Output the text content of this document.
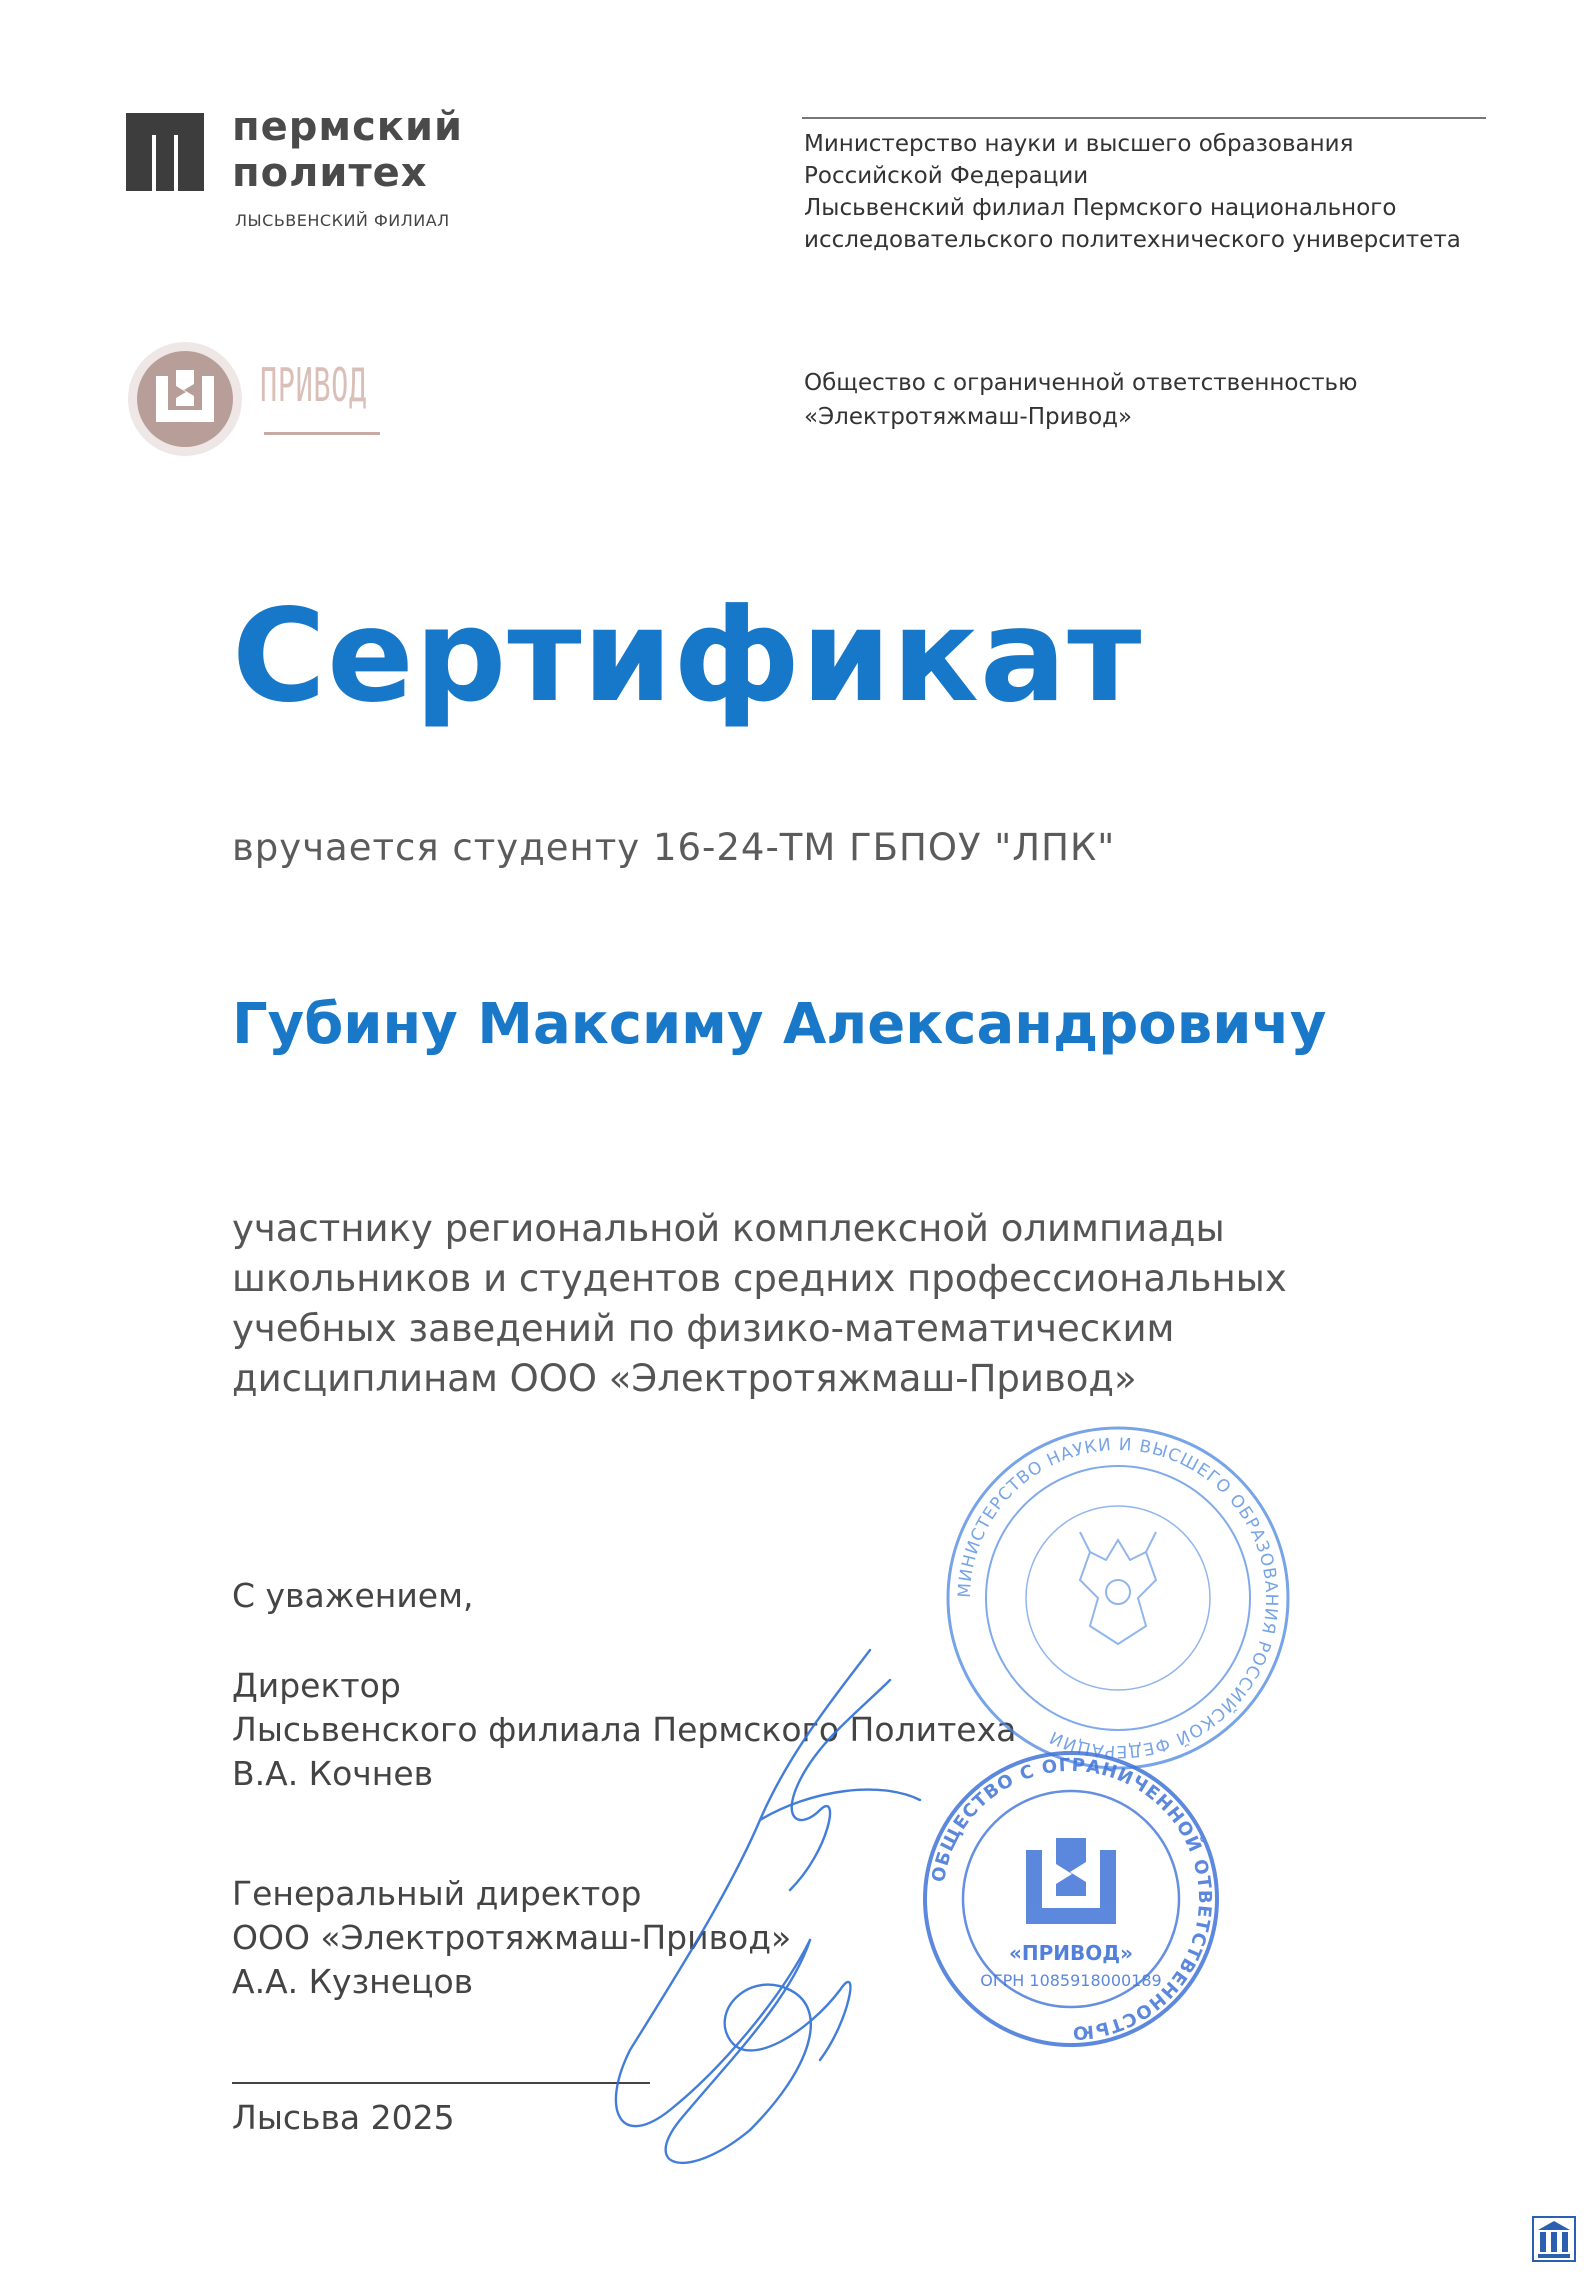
пермский
политех
ЛЫСЬВЕНСКИЙ ФИЛИАЛ
Министерство науки и высшего образования
Российской Федерации
Лысьвенский филиал Пермского национального
исследовательского политехнического университета
ПРИВОД	Общество с ограниченной ответственностью
«Электротяжмаш-Привод»
Сертификат
вручается студенту 16-24-ТМ ГБПОУ "ЛПК"
Губину Максиму Александровичу
участнику региональной комплексной олимпиады
школьников и студентов средних профессиональных
учебных заведений по физико-математическим
дисциплинам ООО «Электротяжмаш-Привод»
С уважением,
Директор
Лысьвенского филиала Пермского Политеха
В.А. Кочнев
Генеральный директор
ООО «Электротяжмаш-Привод»
А.А. Кузнецов
Лысьва 2025
МИНИСТЕРСТВО НАУКИ И ВЫСШЕГО ОБРАЗОВАНИЯ РОССИЙСКОЙ ФЕДЕРАЦИИ
ОБЩЕСТВО С ОГРАНИЧЕННОЙ ОТВЕТСТВЕННОСТЬЮ
«ПРИВОД»
ОГРН 1085918000189
